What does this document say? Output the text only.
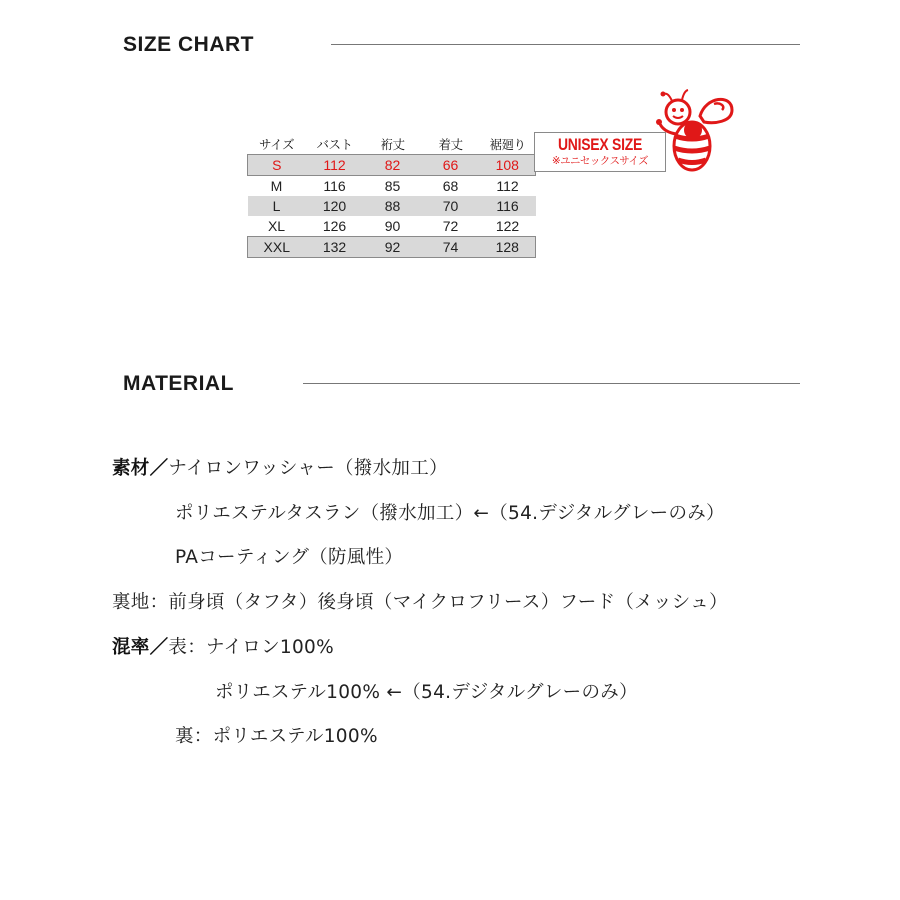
SIZE CHART
サイズ	バスト	裄丈	着丈	裾廻り
S	112	82	66	108
M	116	85	68	112
L	120	88	70	116
XL	126	90	72	122
XXL	132	92	74	128
UNISEX SIZE
※ユニセックスサイズ
MATERIAL
素材／ナイロンワッシャー（撥水加工）
ポリエステルタスラン（撥水加工）←（54.デジタルグレーのみ）
PAコーティング（防風性）
裏地：前身頃（タフタ）後身頃（マイクロフリース）フード（メッシュ）
混率／表：ナイロン100%
ポリエステル100% ←（54.デジタルグレーのみ）
裏：ポリエステル100%
